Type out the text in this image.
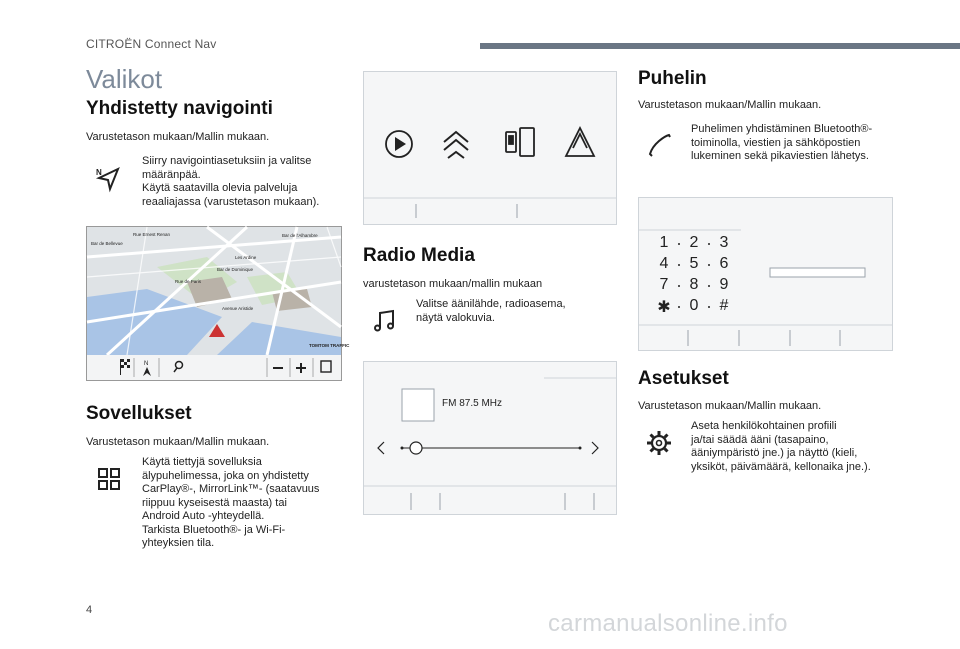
CITROËN Connect Nav
Valikot
Yhdistetty navigointi
Varustetason mukaan/Mallin mukaan.
N
Siirry navigointiasetuksiin ja valitse
määränpää.
Käytä saatavilla olevia palveluja
reaaliajassa (varustetason mukaan).
Bar de l'Alhambre
Rue Ernest Renan
Bar de Bellevue
Les Ardine
Bar de Dominique
Rue de Paris
Avenue Aristide
TOMTOM TRAFFIC
N
Sovellukset
Varustetason mukaan/Mallin mukaan.
Käytä tiettyjä sovelluksia
älypuhelimessa, joka on yhdistetty
CarPlay®-, MirrorLink™- (saatavuus
riippuu kyseisestä maasta) tai
Android Auto -yhteydellä.
Tarkista Bluetooth®- ja Wi-Fi-
yhteyksien tila.
Radio Media
varustetason mukaan/mallin mukaan
Valitse äänilähde, radioasema,
näytä valokuvia.
FM 87.5 MHz
Puhelin
Varustetason mukaan/Mallin mukaan.
Puhelimen yhdistäminen Bluetooth®-
toiminolla, viestien ja sähköpostien
lukeminen sekä pikaviestien lähetys.
1	2	3
4	5	6
7	8	9
✱	0	#
Asetukset
Varustetason mukaan/Mallin mukaan.
Aseta henkilökohtainen profiili
ja/tai säädä ääni (tasapaino,
ääniympäristö jne.) ja näyttö (kieli,
yksiköt, päivämäärä, kellonaika jne.).
4	carmanualsonline.info
